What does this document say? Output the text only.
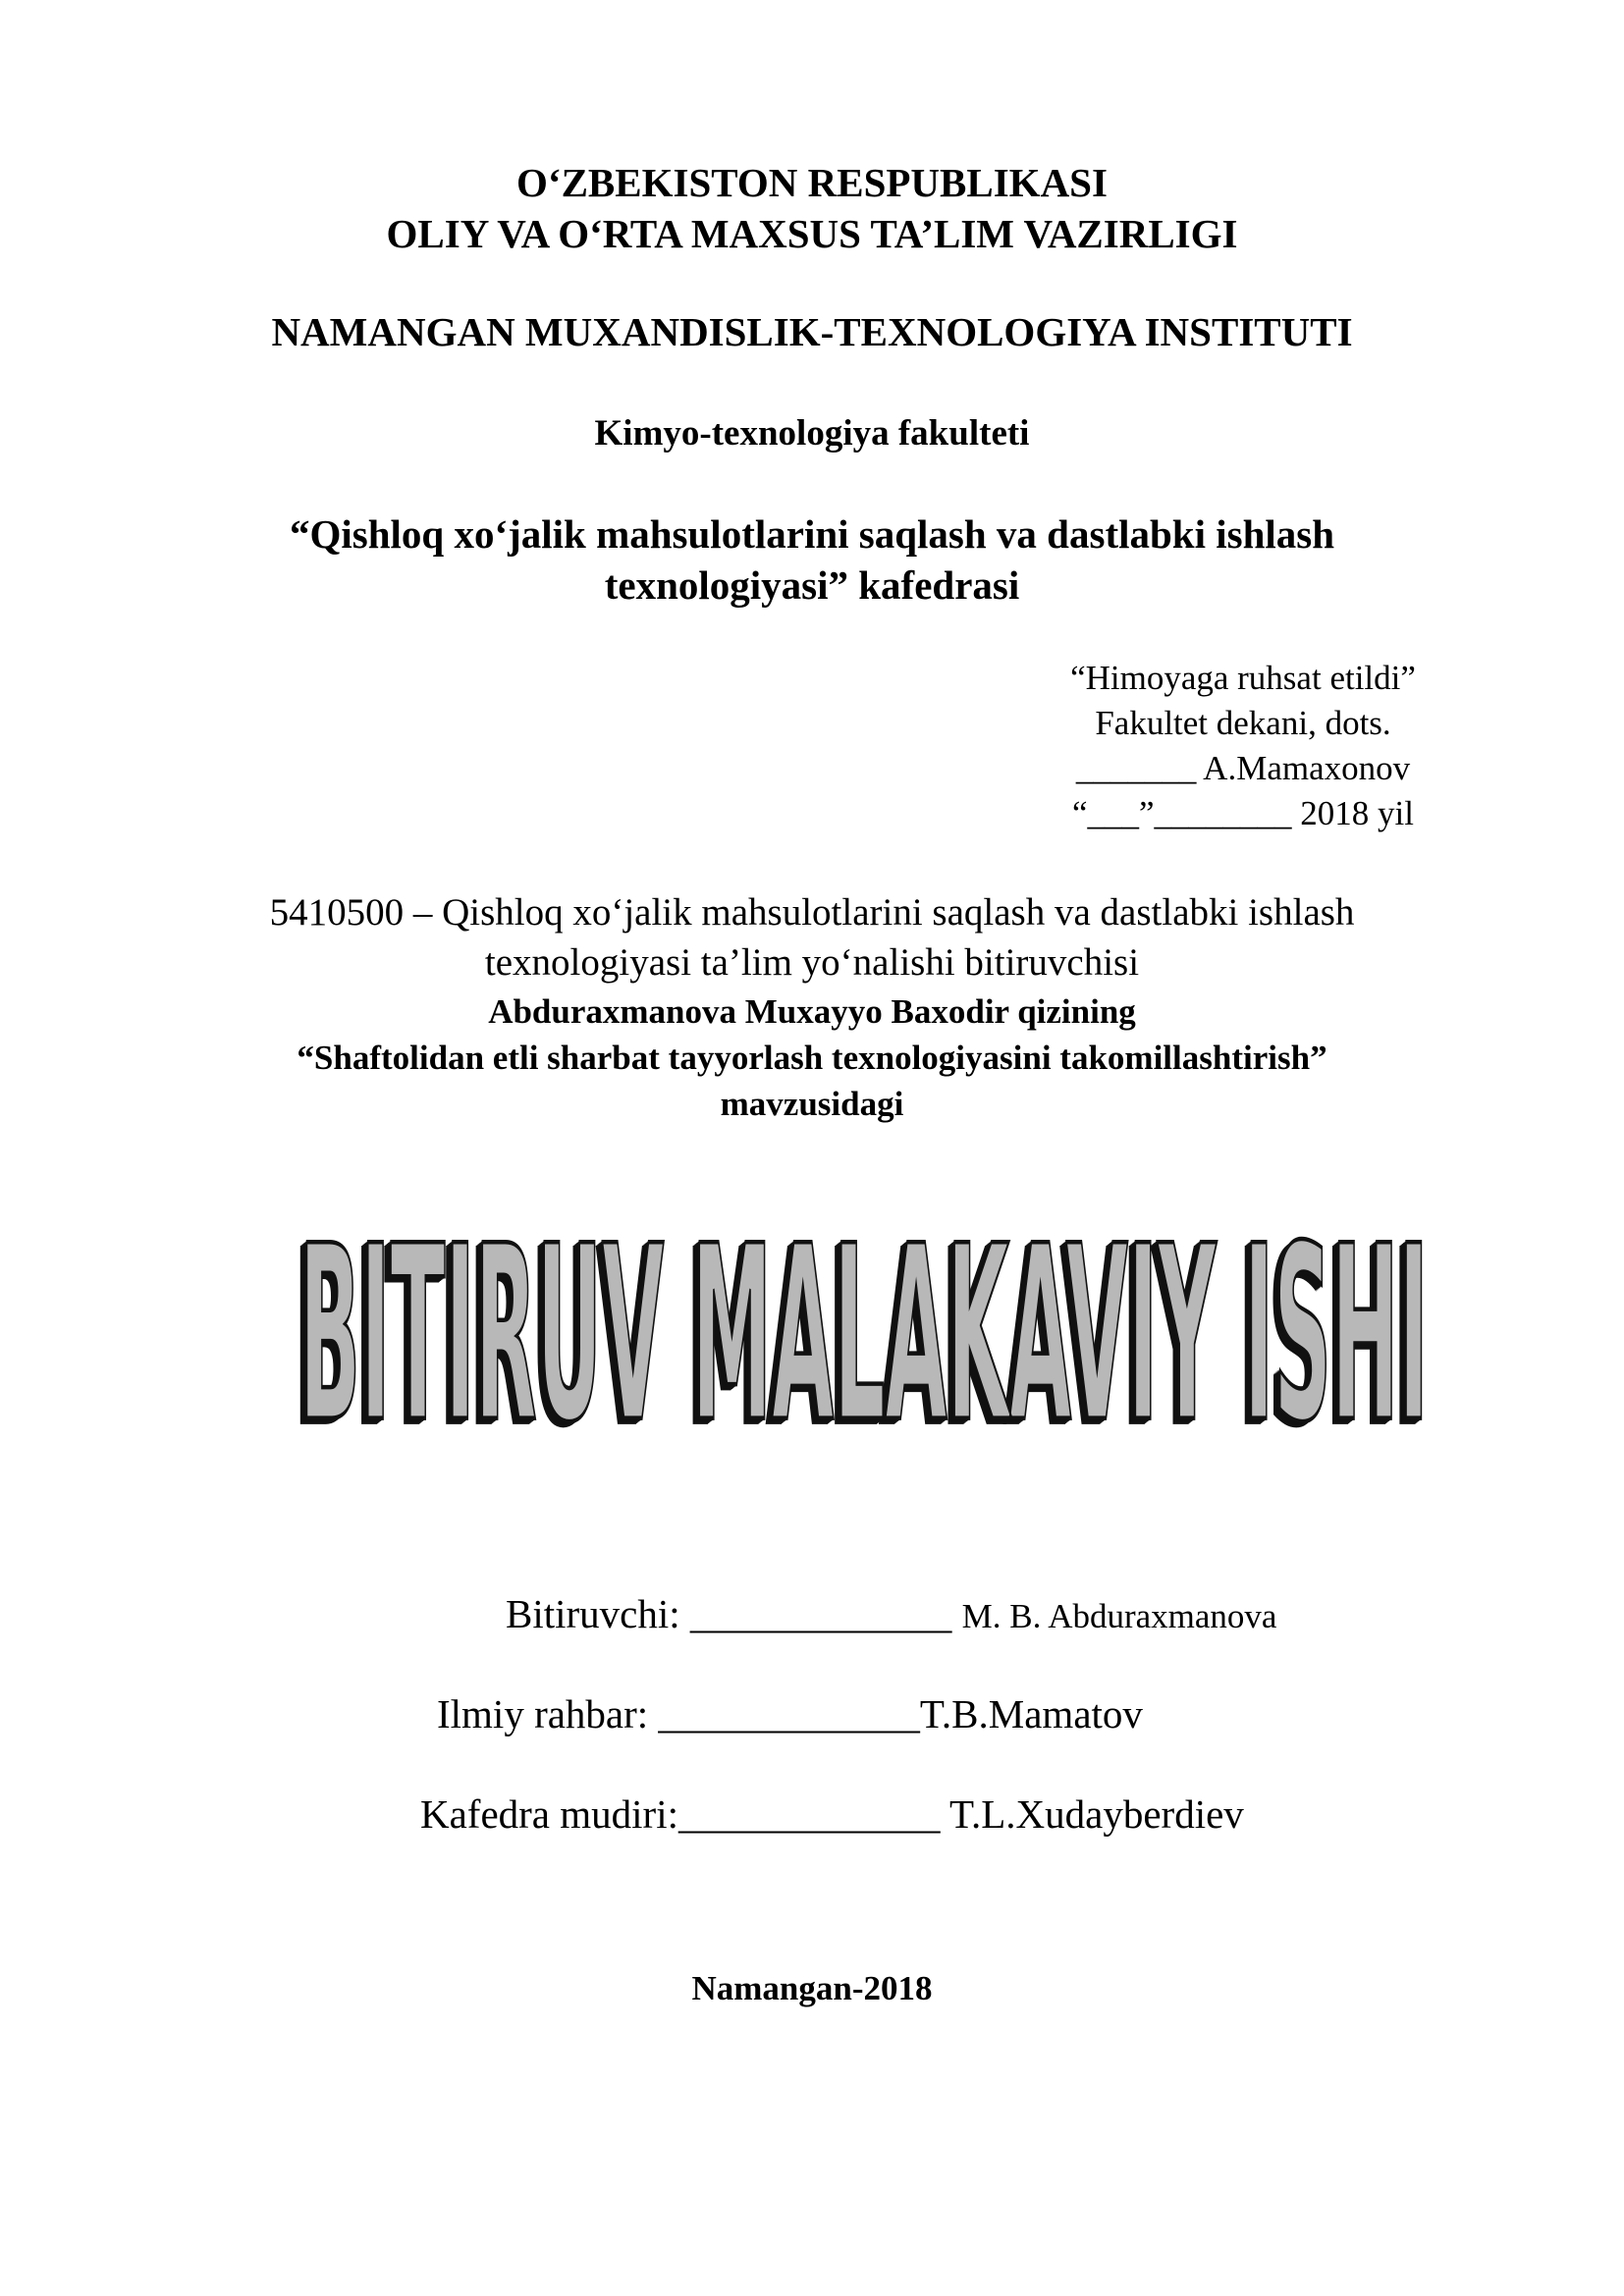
O‘ZBEKISTON RESPUBLIKASI
OLIY VA O‘RTA MAXSUS TA’LIM VAZIRLIGI
NAMANGAN MUXANDISLIK-TEXNOLOGIYA INSTITUTI
Kimyo-texnologiya fakulteti
“Qishloq xo‘jalik mahsulotlarini saqlash va dastlabki ishlash
texnologiyasi” kafedrasi
“Himoyaga ruhsat etildi”
Fakultet dekani, dots.
_______ A.Mamaxonov
“___”________ 2018 yil
5410500 – Qishloq xo‘jalik mahsulotlarini saqlash va dastlabki ishlash
texnologiyasi ta’lim yo‘nalishi bitiruvchisi
Abduraxmanova Muxayyo Baxodir qizining
“Shaftolidan etli sharbat tayyorlash texnologiyasini takomillashtirish”
mavzusidagi
BITIRUV MALAKAVIY ISHI
BITIRUV MALAKAVIY ISHI
BITIRUV MALAKAVIY ISHI
BITIRUV MALAKAVIY ISHI
BITIRUV MALAKAVIY ISHI
BITIRUV MALAKAVIY ISHI
BITIRUV MALAKAVIY ISHI
BITIRUV MALAKAVIY ISHI
Bitiruvchi: _____________ M. B. Abduraxmanova
Ilmiy rahbar: _____________T.B.Mamatov
Kafedra mudiri:_____________ T.L.Xudayberdiev
Namangan-2018
